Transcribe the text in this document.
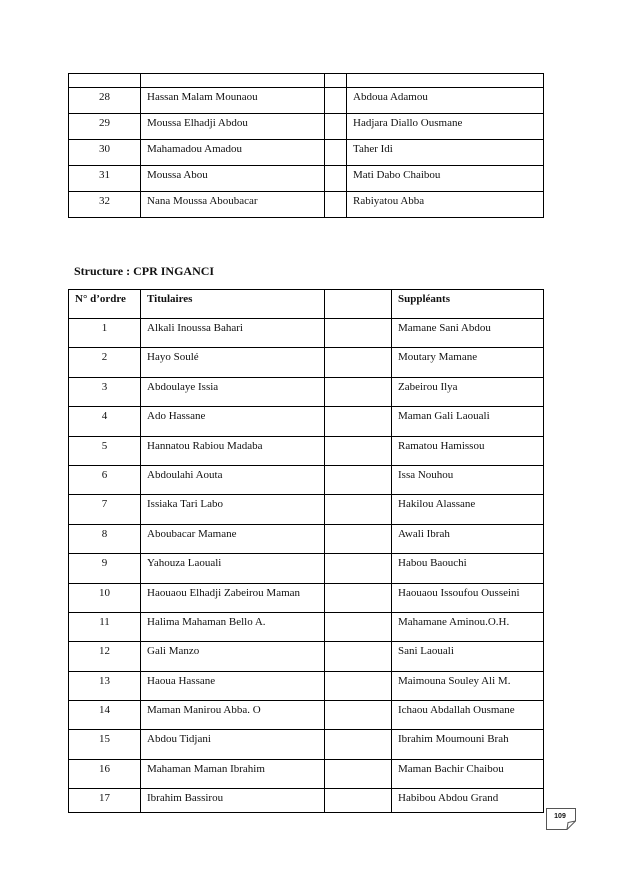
28	Hassan Malam Mounaou		Abdoua Adamou
29	Moussa Elhadji Abdou		Hadjara Diallo Ousmane
30	Mahamadou Amadou		Taher Idi
31	Moussa Abou		Mati Dabo Chaibou
32	Nana Moussa Aboubacar		Rabiyatou Abba
Structure : CPR INGANCI
N° d’ordre	Titulaires		Suppléants
1	Alkali Inoussa Bahari		Mamane Sani Abdou
2	Hayo Soulé		Moutary Mamane
3	Abdoulaye Issia		Zabeirou Ilya
4	Ado Hassane		Maman Gali Laouali
5	Hannatou Rabiou Madaba		Ramatou Hamissou
6	Abdoulahi Aouta		Issa Nouhou
7	Issiaka Tari Labo		Hakilou Alassane
8	Aboubacar Mamane		Awali Ibrah
9	Yahouza Laouali		Habou Baouchi
10	Haouaou Elhadji Zabeirou Maman		Haouaou Issoufou Ousseini
11	Halima Mahaman Bello A.		Mahamane Aminou.O.H.
12	Gali Manzo		Sani Laouali
13	Haoua Hassane		Maimouna Souley Ali M.
14	Maman Manirou Abba. O		Ichaou Abdallah Ousmane
15	Abdou Tidjani		Ibrahim Moumouni Brah
16	Mahaman Maman Ibrahim		Maman Bachir Chaibou
17	Ibrahim Bassirou		Habibou Abdou Grand
109
